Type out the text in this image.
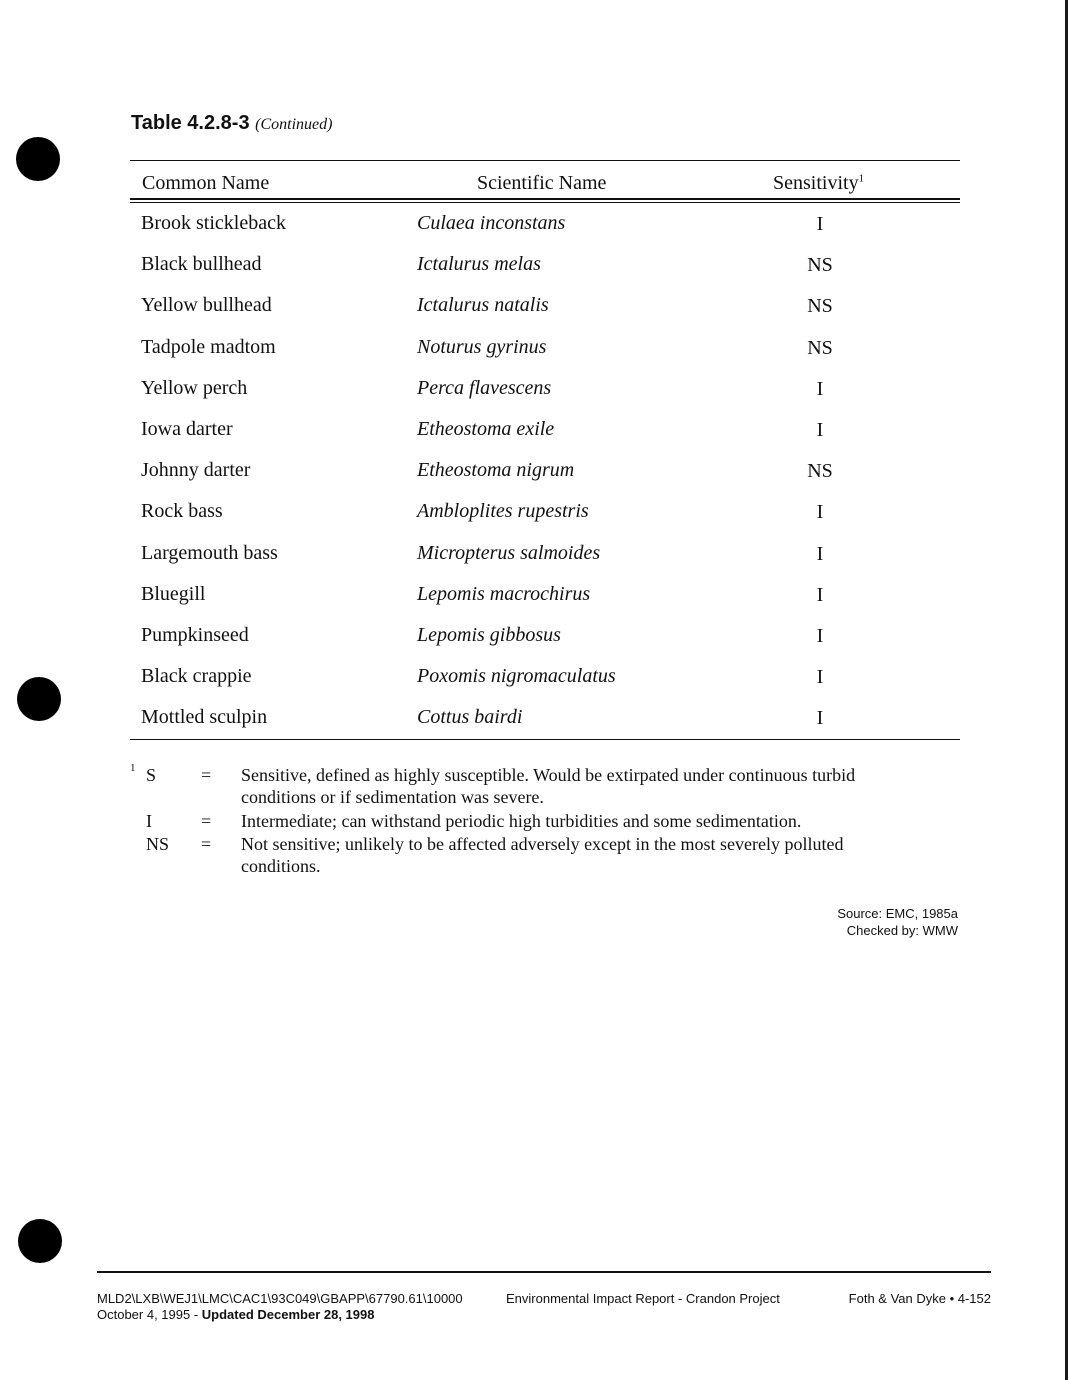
Table 4.2.8-3 (Continued)
Common Name	Scientific Name	Sensitivity$^1$
Brook stickleback	Culaea inconstans	I
Black bullhead	Ictalurus melas	NS
Yellow bullhead	Ictalurus natalis	NS
Tadpole madtom	Noturus gyrinus	NS
Yellow perch	Perca flavescens	I
Iowa darter	Etheostoma exile	I
Johnny darter	Etheostoma nigrum	NS
Rock bass	Ambloplites rupestris	I
Largemouth bass	Micropterus salmoides	I
Bluegill	Lepomis macrochirus	I
Pumpkinseed	Lepomis gibbosus	I
Black crappie	Poxomis nigromaculatus	I
Mottled sculpin	Cottus bairdi	I
1 S = Sensitive, defined as highly susceptible. Would be extirpated under continuous turbid
conditions or if sedimentation was severe.
I	= Intermediate; can withstand periodic high turbidities and some sedimentation.
NS = Not sensitive; unlikely to be affected adversely except in the most severely polluted
conditions.
Source: EMC, 1985a
Checked by: WMW
MLD2\LXB\WEJ1\LMC\CAC1\93C049\GBAPP\67790.61\10000
October 4, 1995 - Updated December 28, 1998
Environmental Impact Report - Crandon Project	Foth & Van Dyke • 4-152
